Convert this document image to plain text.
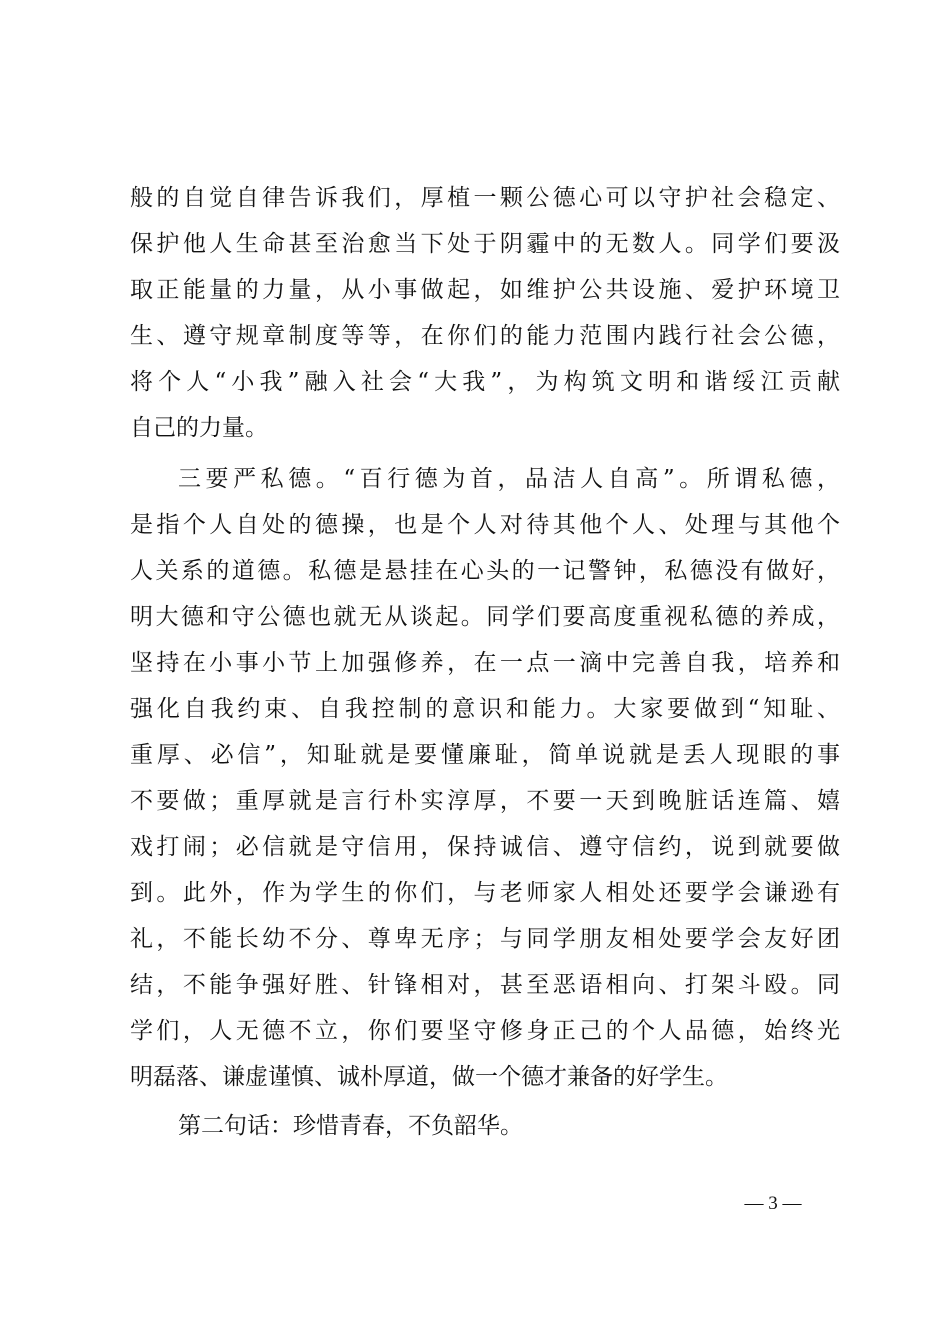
般的自觉自律告诉我们，厚植一颗公德心可以守护社会稳定、
保护他人生命甚至治愈当下处于阴霾中的无数人。同学们要汲
取正能量的力量，从小事做起，如维护公共设施、爱护环境卫
生、遵守规章制度等等，在你们的能力范围内践行社会公德，
将个人“小我”融入社会“大我”，为构筑文明和谐绥江贡献
自己的力量。
三要严私德。“百行德为首，品洁人自高”。所谓私德，
是指个人自处的德操，也是个人对待其他个人、处理与其他个
人关系的道德。私德是悬挂在心头的一记警钟，私德没有做好，
明大德和守公德也就无从谈起。同学们要高度重视私德的养成，
坚持在小事小节上加强修养，在一点一滴中完善自我，培养和
强化自我约束、自我控制的意识和能力。大家要做到“知耻、
重厚、必信”，知耻就是要懂廉耻，简单说就是丢人现眼的事
不要做；重厚就是言行朴实淳厚，不要一天到晚脏话连篇、嬉
戏打闹；必信就是守信用，保持诚信、遵守信约，说到就要做
到。此外，作为学生的你们，与老师家人相处还要学会谦逊有
礼，不能长幼不分、尊卑无序；与同学朋友相处要学会友好团
结，不能争强好胜、针锋相对，甚至恶语相向、打架斗殴。同
学们，人无德不立，你们要坚守修身正己的个人品德，始终光
明磊落、谦虚谨慎、诚朴厚道，做一个德才兼备的好学生。
第二句话：珍惜青春，不负韶华。
— 3 —
